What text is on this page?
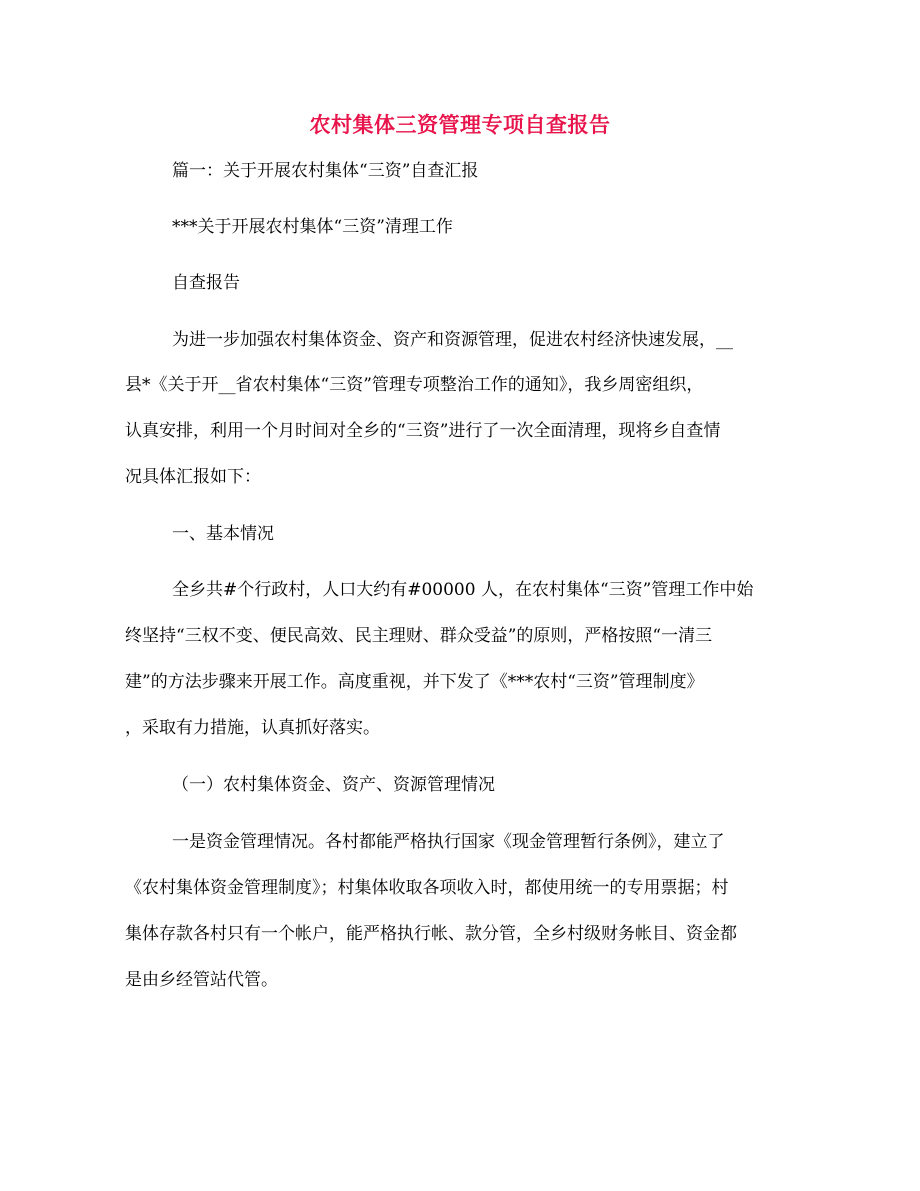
农村集体三资管理专项自查报告
篇一：关于开展农村集体“三资”自查汇报
***关于开展农村集体“三资”清理工作
自查报告
为进一步加强农村集体资金、资产和资源管理，促进农村经济快速发展，__
县*《关于开__省农村集体“三资”管理专项整治工作的通知》，我乡周密组织，
认真安排，利用一个月时间对全乡的“三资”进行了一次全面清理，现将乡自查情
况具体汇报如下：
一、基本情况
全乡共#个行政村，人口大约有#00000 人，在农村集体“三资”管理工作中始
终坚持“三权不变、便民高效、民主理财、群众受益”的原则，严格按照“一清三
建”的方法步骤来开展工作。高度重视，并下发了《***农村“三资”管理制度》
，采取有力措施，认真抓好落实。
（一）农村集体资金、资产、资源管理情况
一是资金管理情况。各村都能严格执行国家《现金管理暂行条例》，建立了
《农村集体资金管理制度》；村集体收取各项收入时，都使用统一的专用票据；村
集体存款各村只有一个帐户，能严格执行帐、款分管，全乡村级财务帐目、资金都
是由乡经管站代管。
